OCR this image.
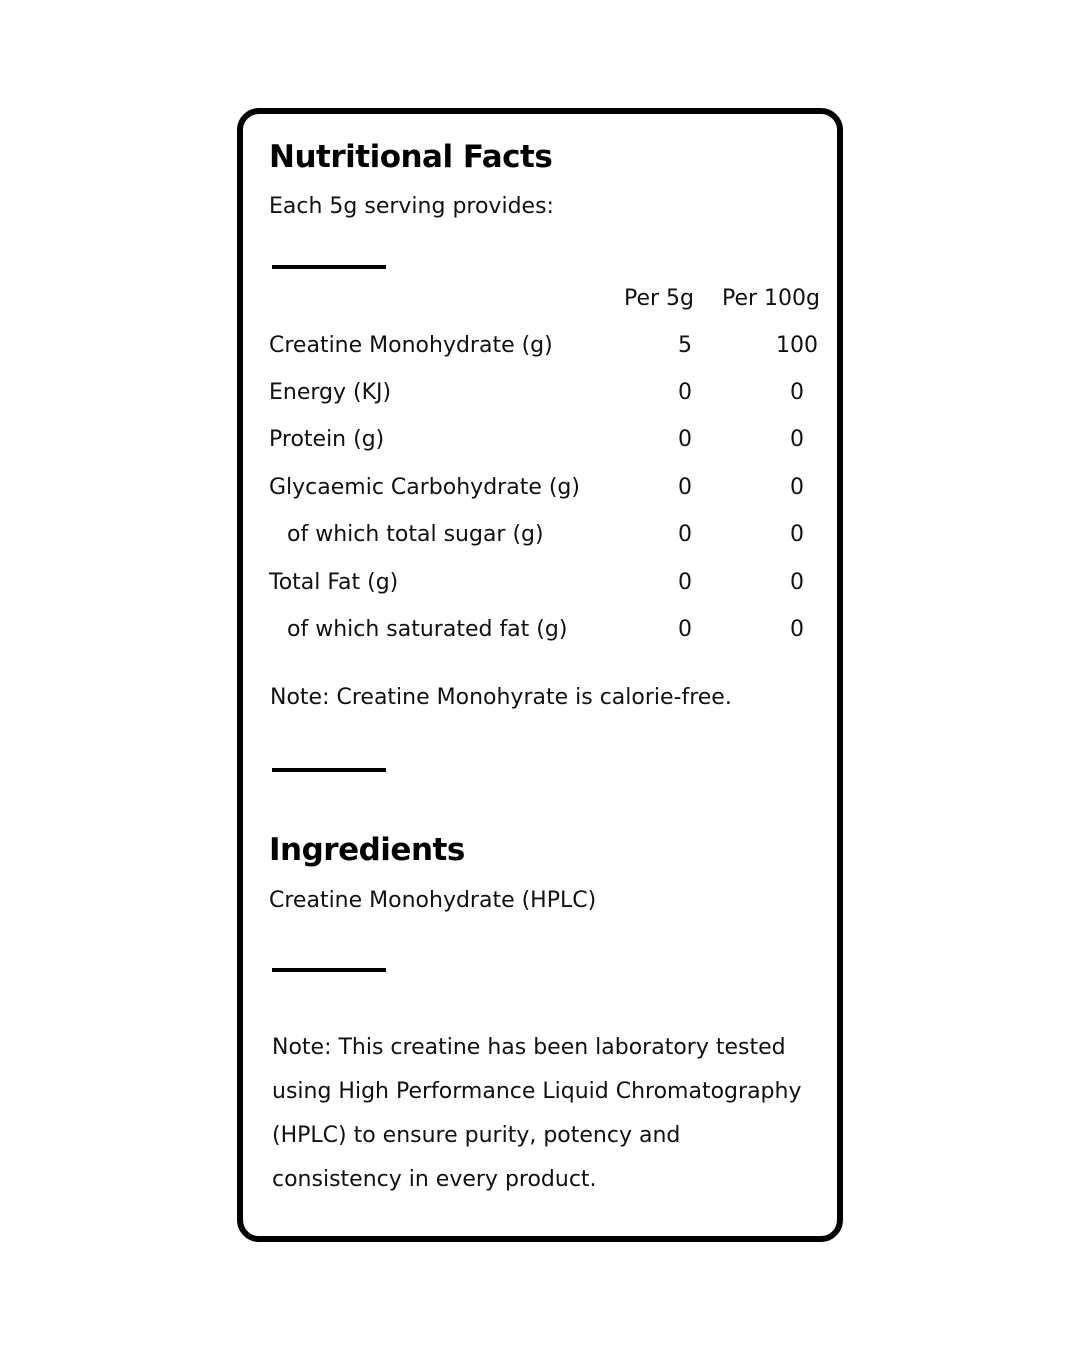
Nutritional Facts
Each 5g serving provides:
Per 5g Per 100g
Creatine Monohydrate (g)	5	100
Energy (KJ)	0	0
Protein (g)	0	0
Glycaemic Carbohydrate (g)	0	0
of which total sugar (g)	0	0
Total Fat (g)	0	0
of which saturated fat (g)	0	0
Note: Creatine Monohyrate is calorie-free.
Ingredients
Creatine Monohydrate (HPLC)
Note: This creatine has been laboratory tested using High Performance Liquid Chromatography (HPLC) to ensure purity, potency and consistency in every product.
